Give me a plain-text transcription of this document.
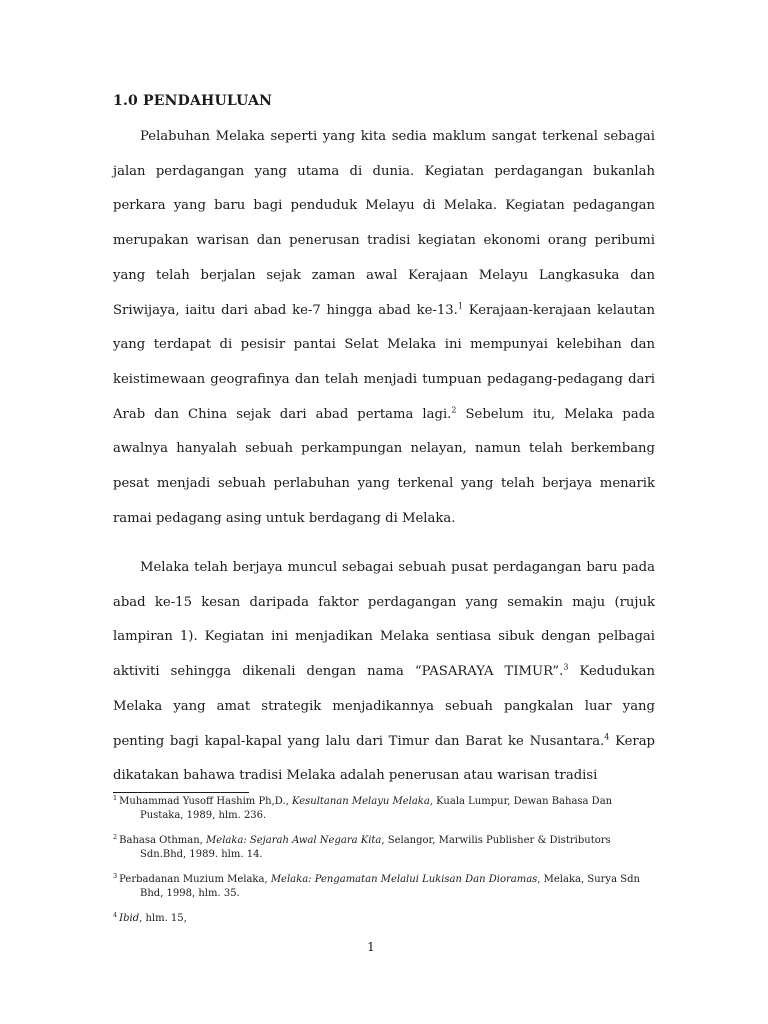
1.0 PENDAHULUAN

Pelabuhan Melaka seperti yang kita sedia maklum sangat terkenal sebagai jalan perdagangan yang utama di dunia. Kegiatan perdagangan bukanlah perkara yang baru bagi penduduk Melayu di Melaka. Kegiatan pedagangan merupakan warisan dan penerusan tradisi kegiatan ekonomi orang peribumi yang telah berjalan sejak zaman awal Kerajaan Melayu Langkasuka dan Sriwijaya, iaitu dari abad ke-7 hingga abad ke-13.$^1$ Kerajaan-kerajaan kelautan yang terdapat di pesisir pantai Selat Melaka ini mempunyai kelebihan dan keistimewaan geografinya dan telah menjadi tumpuan pedagang-pedagang dari Arab dan China sejak dari abad pertama lagi.$^2$ Sebelum itu, Melaka pada awalnya hanyalah sebuah perkampungan nelayan, namun telah berkembang pesat menjadi sebuah perlabuhan yang terkenal yang telah berjaya menarik ramai pedagang asing untuk berdagang di Melaka.

Melaka telah berjaya muncul sebagai sebuah pusat perdagangan baru pada abad ke-15 kesan daripada faktor perdagangan yang semakin maju (rujuk lampiran 1). Kegiatan ini menjadikan Melaka sentiasa sibuk dengan pelbagai aktiviti sehingga dikenali dengan nama “PASARAYA TIMUR”.$^3$ Kedudukan Melaka yang amat strategik menjadikannya sebuah pangkalan luar yang penting bagi kapal-kapal yang lalu dari Timur dan Barat ke Nusantara.$^4$ Kerap dikatakan bahawa tradisi Melaka adalah penerusan atau warisan tradisi

$^1$ Muhammad Yusoff Hashim Ph,D., Kesultanan Melayu Melaka, Kuala Lumpur, Dewan Bahasa Dan Pustaka, 1989, hlm. 236.

$^2$ Bahasa Othman, Melaka: Sejarah Awal Negara Kita, Selangor, Marwilis Publisher & Distributors Sdn.Bhd, 1989. hlm. 14.

$^3$ Perbadanan Muzium Melaka, Melaka: Pengamatan Melalui Lukisan Dan Dioramas, Melaka, Surya Sdn Bhd, 1998, hlm. 35.

$^4$ Ibid, hlm. 15,

1
